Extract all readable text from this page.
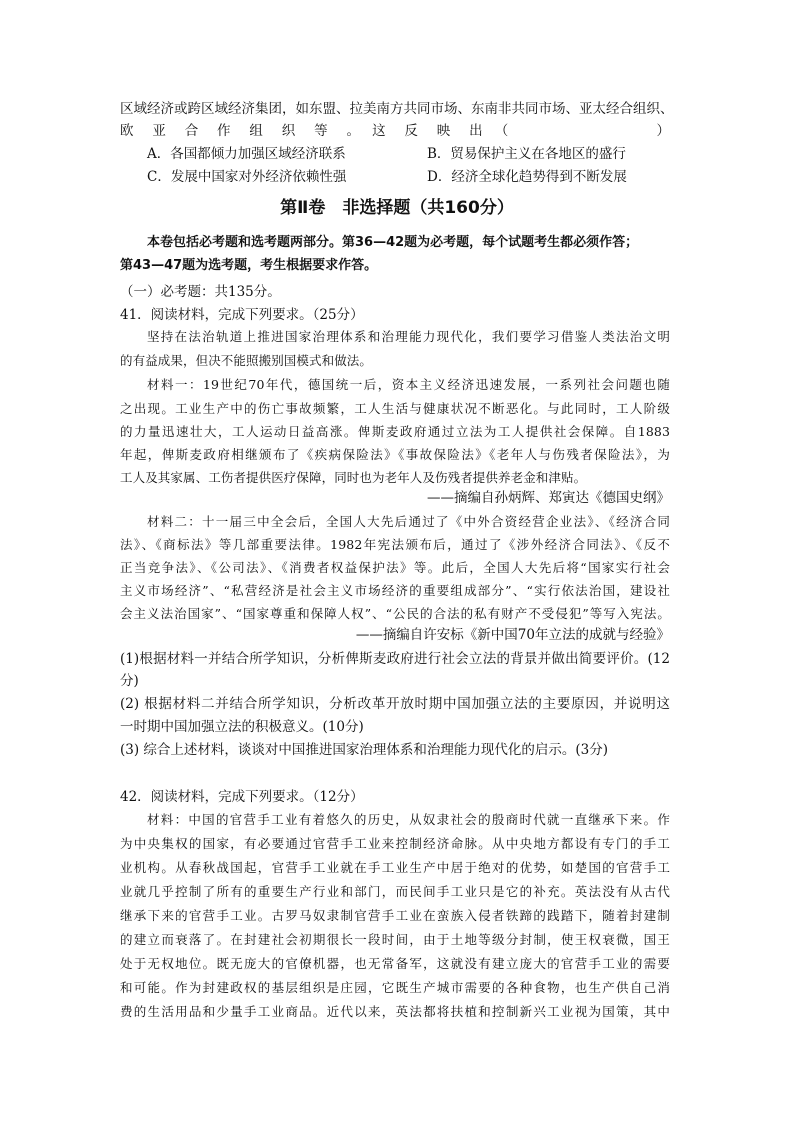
区域经济或跨区域经济集团，如东盟、拉美南方共同市场、东南非共同市场、亚太经合组织、
欧　亚　合　作　组　织　等　。　这　反　映　出　（　　　　　　　　　）
A．各国都倾力加强区域经济联系	B．贸易保护主义在各地区的盛行
C．发展中国家对外经济依赖性强	D．经济全球化趋势得到不断发展
第Ⅱ卷　非选择题（共160分）
本卷包括必考题和选考题两部分。第36—42题为必考题，每个试题考生都必须作答；
第43—47题为选考题，考生根据要求作答。
（一）必考题：共135分。
41．阅读材料，完成下列要求。（25分）
坚持在法治轨道上推进国家治理体系和治理能力现代化，我们要学习借鉴人类法治文明
的有益成果，但决不能照搬别国模式和做法。
材料一：19世纪70年代，德国统一后，资本主义经济迅速发展，一系列社会问题也随
之出现。工业生产中的伤亡事故频繁，工人生活与健康状况不断恶化。与此同时，工人阶级
的力量迅速壮大，工人运动日益高涨。俾斯麦政府通过立法为工人提供社会保障。自1883
年起，俾斯麦政府相继颁布了《疾病保险法》《事故保险法》《老年人与伤残者保险法》，为
工人及其家属、工伤者提供医疗保障，同时也为老年人及伤残者提供养老金和津贴。
——摘编自孙炳辉、郑寅达《德国史纲》
材料二：十一届三中全会后，全国人大先后通过了《中外合资经营企业法》、《经济合同
法》、《商标法》等几部重要法律。1982年宪法颁布后，通过了《涉外经济合同法》、《反不
正当竞争法》、《公司法》、《消费者权益保护法》等。此后，全国人大先后将“国家实行社会
主义市场经济”、“私营经济是社会主义市场经济的重要组成部分”、“实行依法治国，建设社
会主义法治国家”、“国家尊重和保障人权”、“公民的合法的私有财产不受侵犯”等写入宪法。
——摘编自许安标《新中国70年立法的成就与经验》
(1)根据材料一并结合所学知识，分析俾斯麦政府进行社会立法的背景并做出简要评价。(12
分)
(2) 根据材料二并结合所学知识，分析改革开放时期中国加强立法的主要原因，并说明这
一时期中国加强立法的积极意义。(10分)
(3) 综合上述材料，谈谈对中国推进国家治理体系和治理能力现代化的启示。(3分)
42．阅读材料，完成下列要求。（12分）
材料：中国的官营手工业有着悠久的历史，从奴隶社会的殷商时代就一直继承下来。作
为中央集权的国家，有必要通过官营手工业来控制经济命脉。从中央地方都设有专门的手工
业机构。从春秋战国起，官营手工业就在手工业生产中居于绝对的优势，如楚国的官营手工
业就几乎控制了所有的重要生产行业和部门，而民间手工业只是它的补充。英法没有从古代
继承下来的官营手工业。古罗马奴隶制官营手工业在蛮族入侵者铁蹄的践踏下，随着封建制
的建立而衰落了。在封建社会初期很长一段时间，由于土地等级分封制，使王权衰微，国王
处于无权地位。既无庞大的官僚机器，也无常备军，这就没有建立庞大的官营手工业的需要
和可能。作为封建政权的基层组织是庄园，它既生产城市需要的各种食物，也生产供自己消
费的生活用品和少量手工业商品。近代以来，英法都将扶植和控制新兴工业视为国策，其中
